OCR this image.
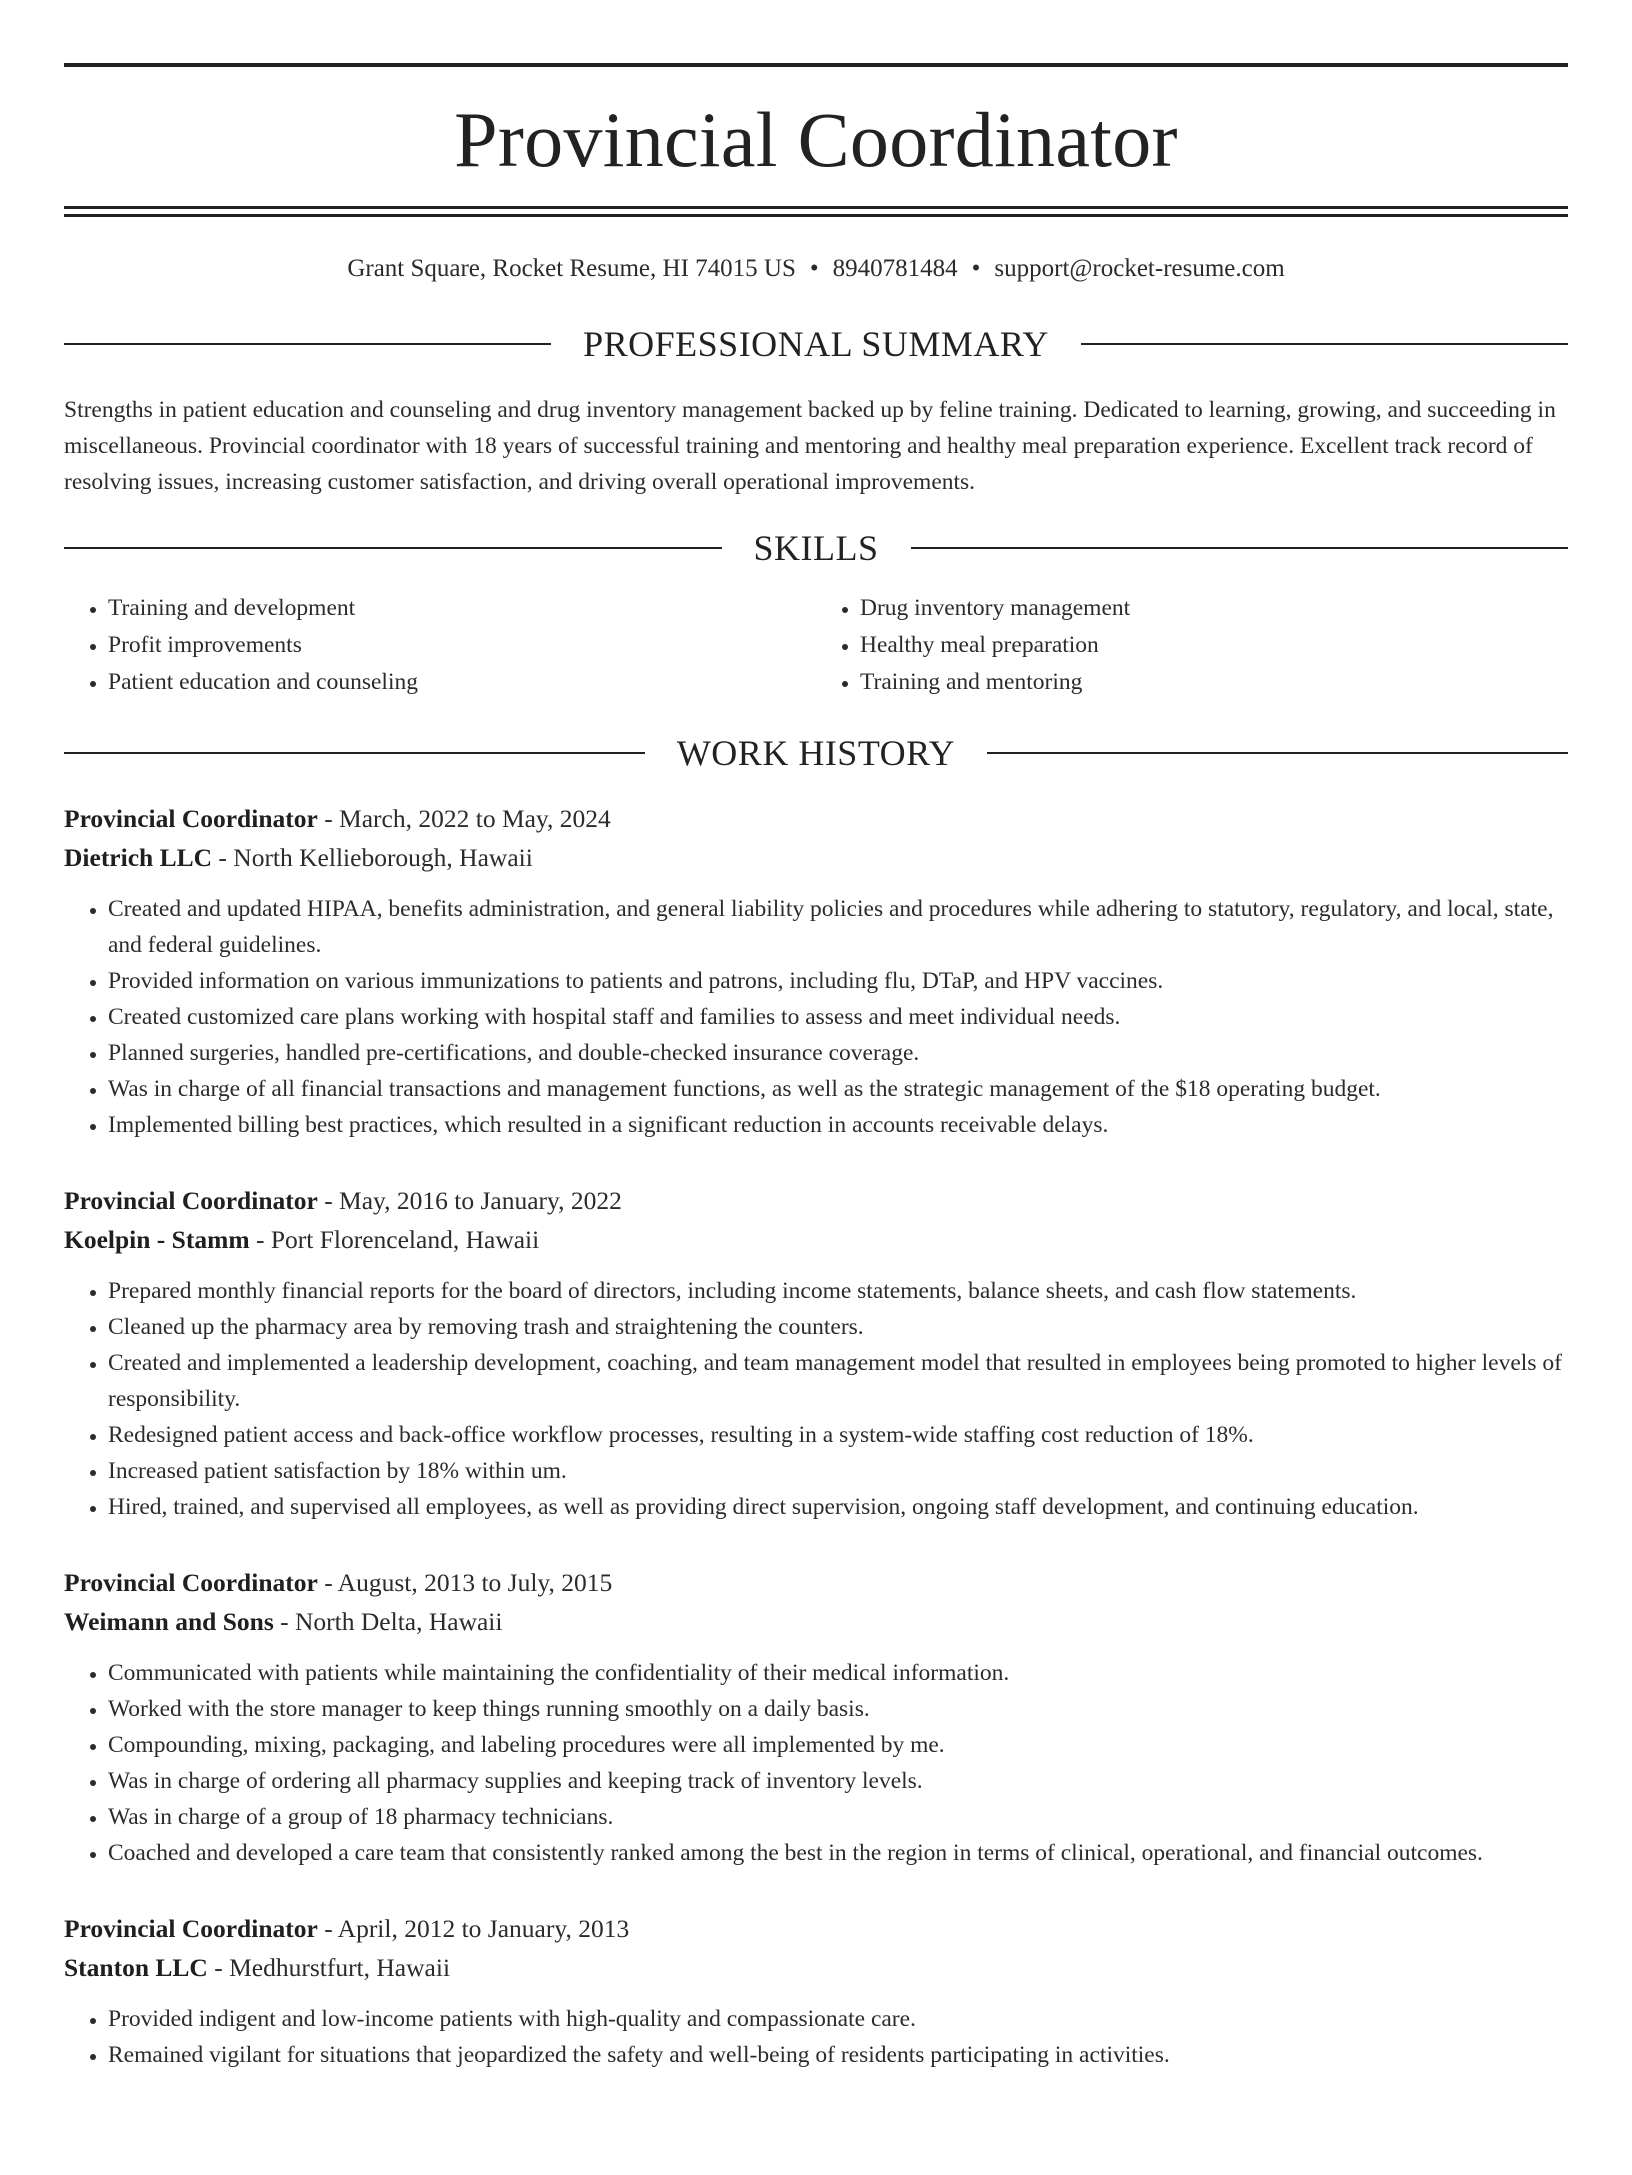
Provincial Coordinator
Grant Square, Rocket Resume, HI 74015 US • 8940781484 • support@rocket-resume.com
PROFESSIONAL SUMMARY
Strengths in patient education and counseling and drug inventory management backed up by feline training. Dedicated to learning, growing, and succeeding in miscellaneous. Provincial coordinator with 18 years of successful training and mentoring and healthy meal preparation experience. Excellent track record of resolving issues, increasing customer satisfaction, and driving overall operational improvements.
SKILLS
• Training and development
• Profit improvements
• Patient education and counseling
• Drug inventory management
• Healthy meal preparation
• Training and mentoring
WORK HISTORY
Provincial Coordinator - March, 2022 to May, 2024
Dietrich LLC - North Kellieborough, Hawaii
• Created and updated HIPAA, benefits administration, and general liability policies and procedures while adhering to statutory, regulatory, and local, state, and federal guidelines.
• Provided information on various immunizations to patients and patrons, including flu, DTaP, and HPV vaccines.
• Created customized care plans working with hospital staff and families to assess and meet individual needs.
• Planned surgeries, handled pre-certifications, and double-checked insurance coverage.
• Was in charge of all financial transactions and management functions, as well as the strategic management of the $18 operating budget.
• Implemented billing best practices, which resulted in a significant reduction in accounts receivable delays.
Provincial Coordinator - May, 2016 to January, 2022
Koelpin - Stamm - Port Florenceland, Hawaii
• Prepared monthly financial reports for the board of directors, including income statements, balance sheets, and cash flow statements.
• Cleaned up the pharmacy area by removing trash and straightening the counters.
• Created and implemented a leadership development, coaching, and team management model that resulted in employees being promoted to higher levels of responsibility.
• Redesigned patient access and back-office workflow processes, resulting in a system-wide staffing cost reduction of 18%.
• Increased patient satisfaction by 18% within um.
• Hired, trained, and supervised all employees, as well as providing direct supervision, ongoing staff development, and continuing education.
Provincial Coordinator - August, 2013 to July, 2015
Weimann and Sons - North Delta, Hawaii
• Communicated with patients while maintaining the confidentiality of their medical information.
• Worked with the store manager to keep things running smoothly on a daily basis.
• Compounding, mixing, packaging, and labeling procedures were all implemented by me.
• Was in charge of ordering all pharmacy supplies and keeping track of inventory levels.
• Was in charge of a group of 18 pharmacy technicians.
• Coached and developed a care team that consistently ranked among the best in the region in terms of clinical, operational, and financial outcomes.
Provincial Coordinator - April, 2012 to January, 2013
Stanton LLC - Medhurstfurt, Hawaii
• Provided indigent and low-income patients with high-quality and compassionate care.
• Remained vigilant for situations that jeopardized the safety and well-being of residents participating in activities.
